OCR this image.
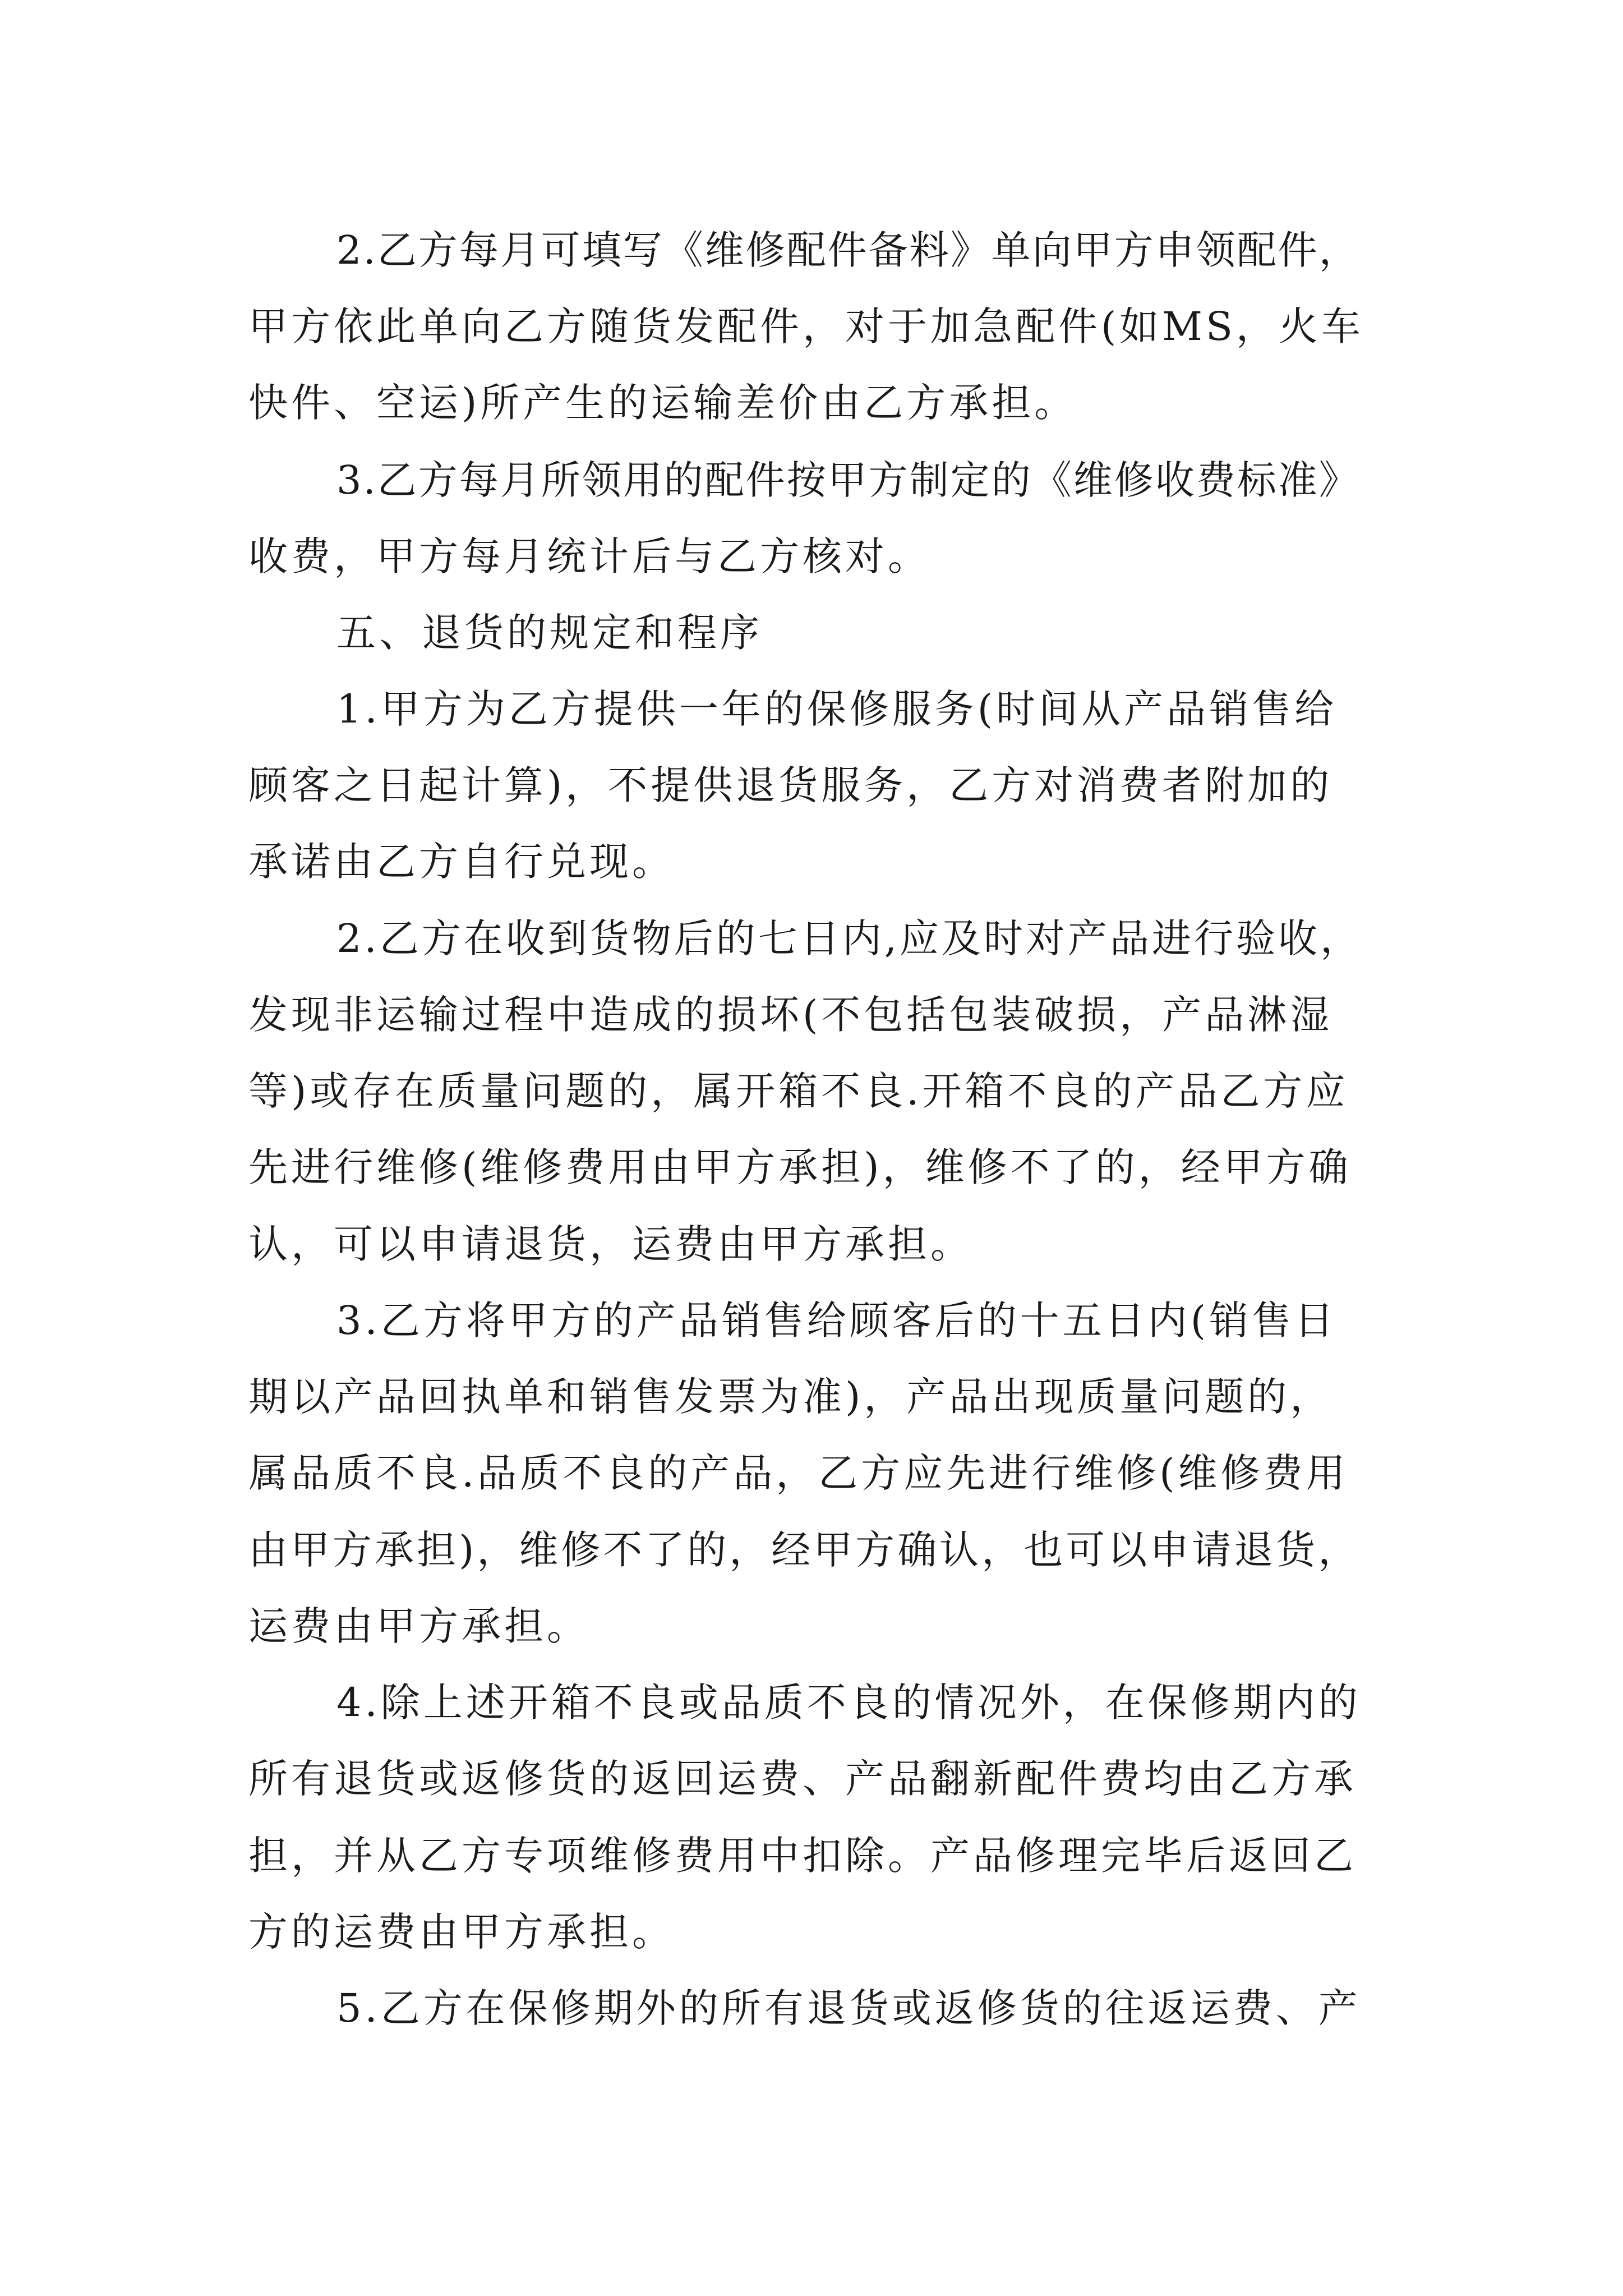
2.乙方每月可填写《维修配件备料》单向甲方申领配件，

甲方依此单向乙方随货发配件，对于加急配件(如MS，火车

快件、空运)所产生的运输差价由乙方承担。

3.乙方每月所领用的配件按甲方制定的《维修收费标准》

收费，甲方每月统计后与乙方核对。

五、退货的规定和程序

1.甲方为乙方提供一年的保修服务(时间从产品销售给

顾客之日起计算)，不提供退货服务，乙方对消费者附加的

承诺由乙方自行兑现。

2.乙方在收到货物后的七日内,应及时对产品进行验收，

发现非运输过程中造成的损坏(不包括包装破损，产品淋湿

等)或存在质量问题的，属开箱不良.开箱不良的产品乙方应

先进行维修(维修费用由甲方承担)，维修不了的，经甲方确

认，可以申请退货，运费由甲方承担。

3.乙方将甲方的产品销售给顾客后的十五日内(销售日

期以产品回执单和销售发票为准)，产品出现质量问题的，

属品质不良.品质不良的产品，乙方应先进行维修(维修费用

由甲方承担)，维修不了的，经甲方确认，也可以申请退货，

运费由甲方承担。

4.除上述开箱不良或品质不良的情况外，在保修期内的

所有退货或返修货的返回运费、产品翻新配件费均由乙方承

担，并从乙方专项维修费用中扣除。产品修理完毕后返回乙

方的运费由甲方承担。

5.乙方在保修期外的所有退货或返修货的往返运费、产
